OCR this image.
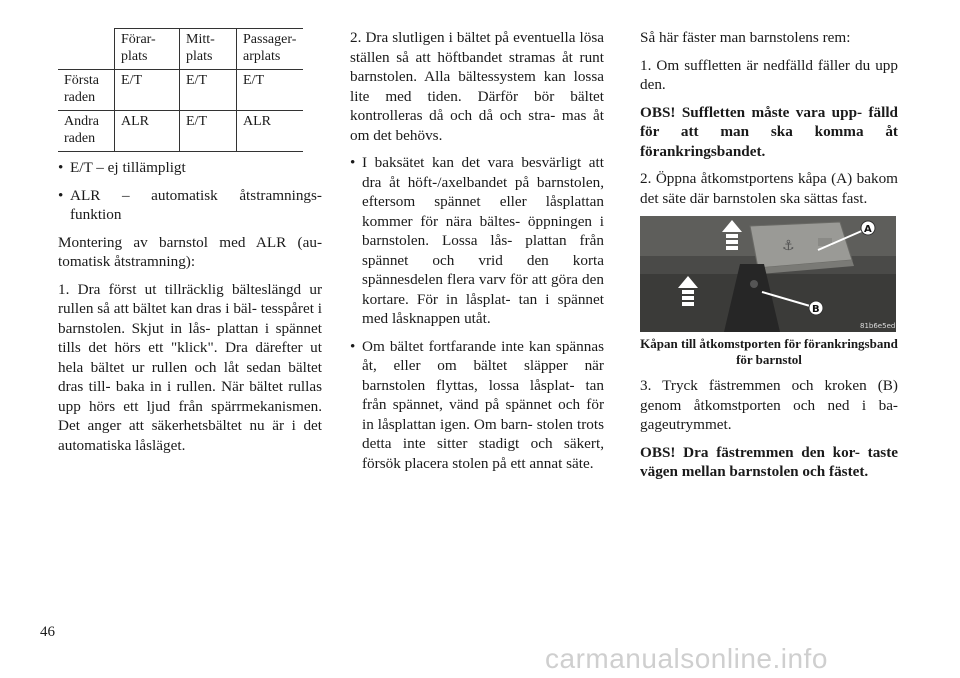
	Förar- plats	Mitt- plats	Passager- arplats
Första raden	E/T	E/T	E/T
Andra raden	ALR	E/T	ALR
• E/T – ej tillämpligt
• ALR – automatisk åtstramnings- funktion

Montering av barnstol med ALR (au- tomatisk åtstramning):

1. Dra först ut tillräcklig bälteslängd ur rullen så att bältet kan dras i bäl- tesspåret i barnstolen. Skjut in lås- plattan i spännet tills det hörs ett "klick". Dra därefter ut hela bältet ur rullen och låt sedan bältet dras till- baka in i rullen. När bältet rullas upp hörs ett ljud från spärrmekanismen. Det anger att säkerhetsbältet nu är i det automatiska låsläget.

2. Dra slutligen i bältet på eventuella lösa ställen så att höftbandet stramas åt runt barnstolen. Alla bältessystem kan lossa lite med tiden. Därför bör bältet kontrolleras då och då och stra- mas åt om det behövs.

• I baksätet kan det vara besvärligt att dra åt höft-/axelbandet på barnstolen, eftersom spännet eller låsplattan kommer för nära bältes- öppningen i barnstolen. Lossa lås- plattan från spännet och vrid den korta spännesdelen flera varv för att göra den kortare. För in låsplat- tan i spännet med låsknappen utåt.
• Om bältet fortfarande inte kan spännas åt, eller om bältet släpper när barnstolen flyttas, lossa låsplat- tan från spännet, vänd på spännet och för in låsplattan igen. Om barn- stolen trots detta inte sitter stadigt och säkert, försök placera stolen på ett annat säte.

Så här fäster man barnstolens rem:

1. Om suffletten är nedfälld fäller du upp den.

OBS! Suffletten måste vara upp- fälld för att man ska komma åt förankringsbandet.

2. Öppna åtkomstportens kåpa (A) bakom det säte där barnstolen ska sättas fast.

⚓
A
B
81b6e5ed
Kåpan till åtkomstporten för förankringsband för barnstol

3. Tryck fästremmen och kroken (B) genom åtkomstporten och ned i ba- gageutrymmet.

OBS! Dra fästremmen den kor- taste vägen mellan barnstolen och fästet.

46
carmanualsonline.info
